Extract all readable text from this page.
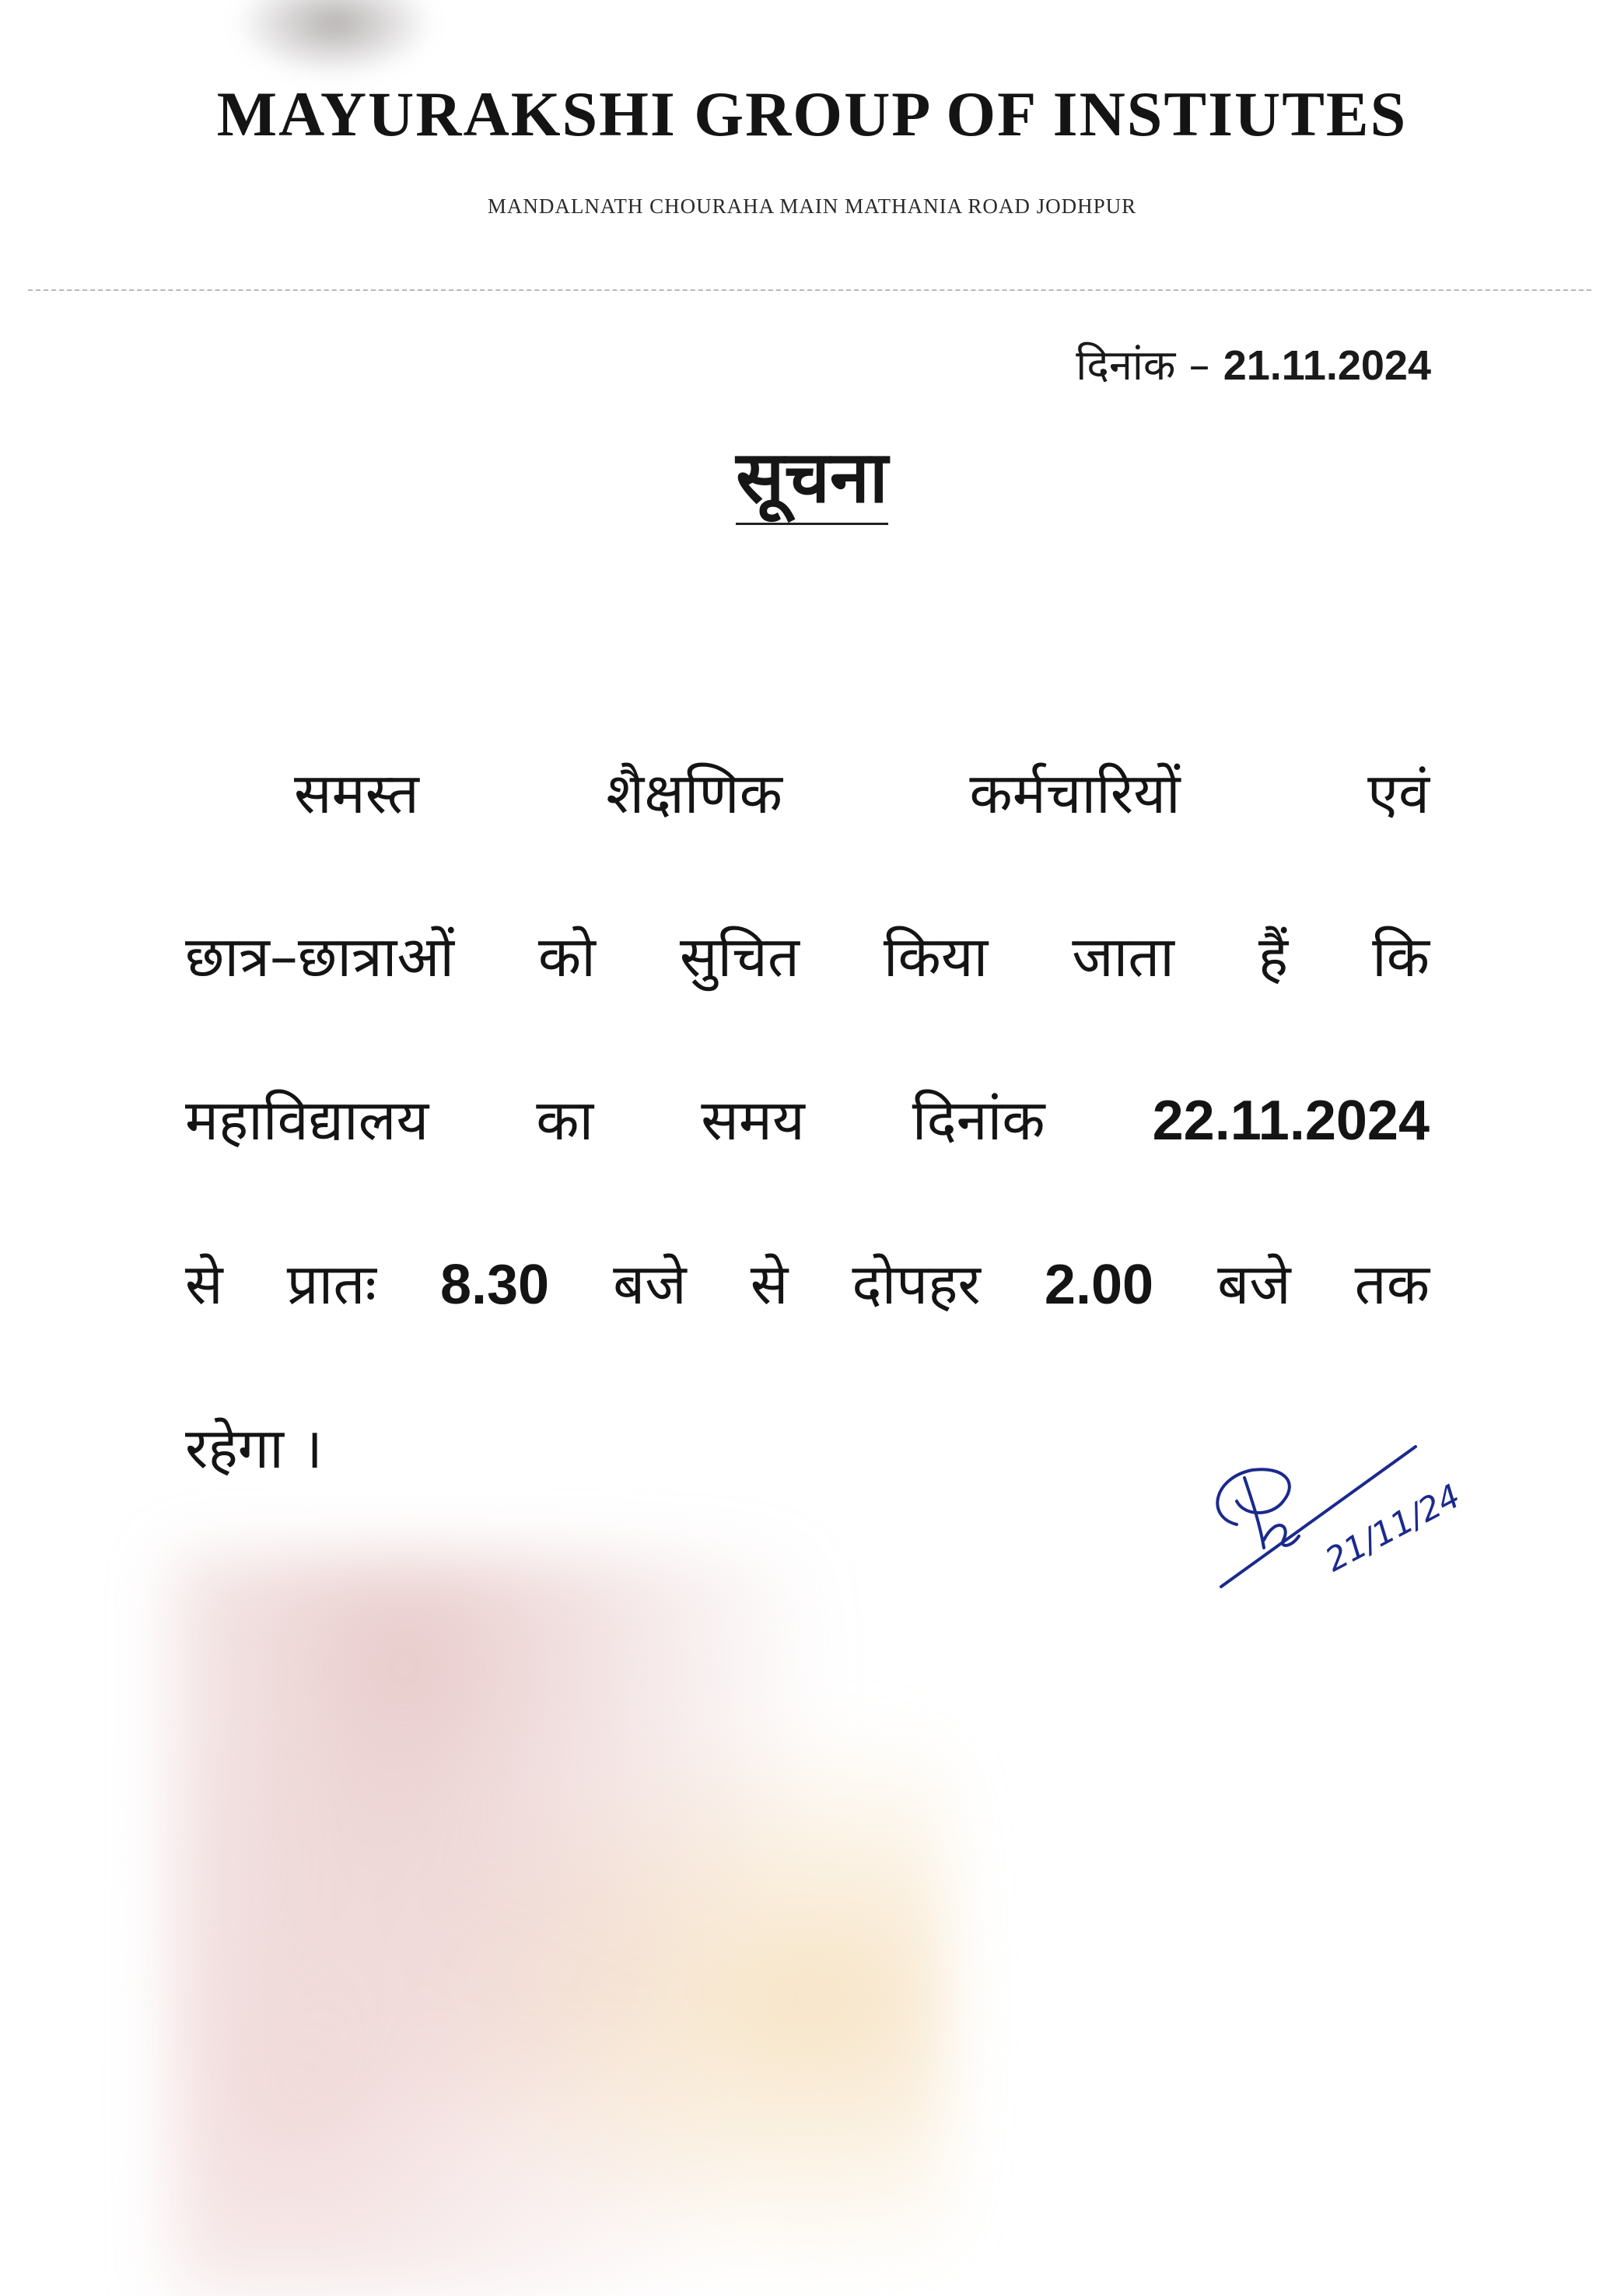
MAYURAKSHI GROUP OF INSTIUTES
MANDALNATH CHOURAHA MAIN MATHANIA ROAD JODHPUR
दिनांक – 21.11.2024
सूचना
समस्त	शैक्षणिक	कर्मचारियों	एवं
छात्र–छात्राओं को सुचित किया जाता हैं कि
महाविद्यालय का समय दिनांक 22.11.2024
से प्रातः 8.30 बजे से दोपहर 2.00 बजे तक
रहेगा ।
21/11/24
